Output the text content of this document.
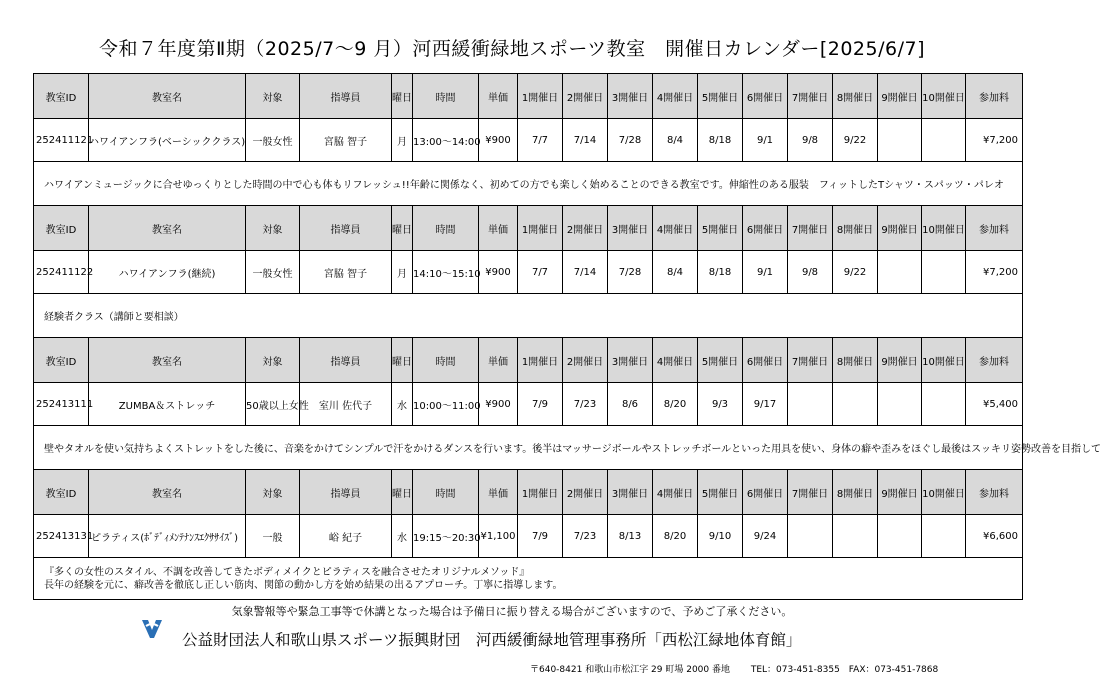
令和７年度第Ⅱ期（2025/7〜9 月）河西緩衝緑地スポーツ教室　開催日カレンダー[2025/6/7]
教室ID	教室名	対象	指導員	曜日	時間	単価	1開催日	2開催日	3開催日	4開催日	5開催日	6開催日	7開催日	8開催日	9開催日	10開催日	参加料
252411121	ハワイアンフラ(ベーシッククラス)	一般女性	宮脇 智子	月	13:00～14:00	¥900	7/7	7/14	7/28	8/4	8/18	9/1	9/8	9/22			¥7,200
ハワイアンミュージックに合せゆっくりとした時間の中で心も体もリフレッシュ!!年齢に関係なく、初めての方でも楽しく始めることのできる教室です。伸縮性のある服装　フィットしたTシャツ・スパッツ・パレオ																	
教室ID	教室名	対象	指導員	曜日	時間	単価	1開催日	2開催日	3開催日	4開催日	5開催日	6開催日	7開催日	8開催日	9開催日	10開催日	参加料
252411122	ハワイアンフラ(継続)	一般女性	宮脇 智子	月	14:10～15:10	¥900	7/7	7/14	7/28	8/4	8/18	9/1	9/8	9/22			¥7,200
経験者クラス（講師と要相談）																	
教室ID	教室名	対象	指導員	曜日	時間	単価	1開催日	2開催日	3開催日	4開催日	5開催日	6開催日	7開催日	8開催日	9開催日	10開催日	参加料
252413111	ZUMBA＆ストレッチ	50歳以上女性	室川 佐代子	水	10:00～11:00	¥900	7/9	7/23	8/6	8/20	9/3	9/17					¥5,400
壁やタオルを使い気持ちよくストレットをした後に、音楽をかけてシンプルで汗をかけるダンスを行います。後半はマッサージボールやストレッチボールといった用具を使い、身体の癖や歪みをほぐし最後はスッキリ姿勢改善を目指して																	
教室ID	教室名	対象	指導員	曜日	時間	単価	1開催日	2開催日	3開催日	4開催日	5開催日	6開催日	7開催日	8開催日	9開催日	10開催日	参加料
252413131	ピラティス(ﾎﾞﾃﾞｨﾒﾝﾃﾅﾝｽｴｸｻｻｲｽﾞ)	一般	峪 紀子	水	19:15～20:30	¥1,100	7/9	7/23	8/13	8/20	9/10	9/24					¥6,600

『多くの女性のスタイル、不調を改善してきたボディメイクとピラティスを融合させたオリジナルメソッド』
長年の経験を元に、癖改善を徹底し正しい筋肉、関節の動かし方を始め結果の出るアプローチ。丁寧に指導します。																	
気象警報等や緊急工事等で休講となった場合は予備日に振り替える場合がございますので、予めご了承ください。
公益財団法人和歌山県スポーツ振興財団　河西緩衝緑地管理事務所「西松江緑地体育館」
〒640-8421 和歌山市松江字 29 町場 2000 番地　　 TEL：073-451-8355　FAX：073-451-7868
